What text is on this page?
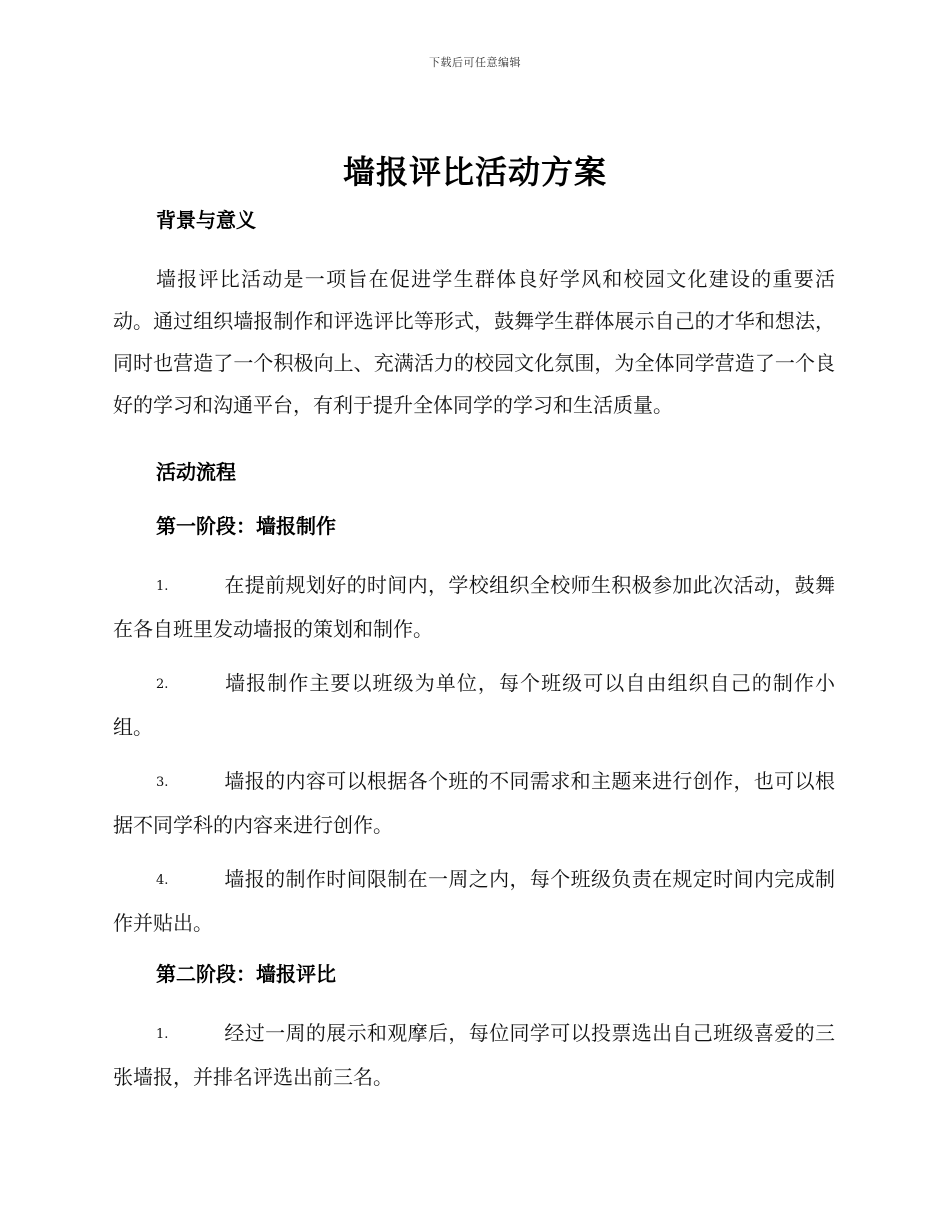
下载后可任意编辑
墙报评比活动方案

背景与意义

墙报评比活动是一项旨在促进学生群体良好学风和校园文化建设的重要活动。通过组织墙报制作和评选评比等形式，鼓舞学生群体展示自己的才华和想法，同时也营造了一个积极向上、充满活力的校园文化氛围，为全体同学营造了一个良好的学习和沟通平台，有利于提升全体同学的学习和生活质量。

活动流程

第一阶段：墙报制作

1.	在提前规划好的时间内，学校组织全校师生积极参加此次活动，鼓舞在各自班里发动墙报的策划和制作。

2.	墙报制作主要以班级为单位，每个班级可以自由组织自己的制作小组。

3.	墙报的内容可以根据各个班的不同需求和主题来进行创作，也可以根据不同学科的内容来进行创作。

4.	墙报的制作时间限制在一周之内，每个班级负责在规定时间内完成制作并贴出。

第二阶段：墙报评比

1.	经过一周的展示和观摩后，每位同学可以投票选出自己班级喜爱的三张墙报，并排名评选出前三名。
